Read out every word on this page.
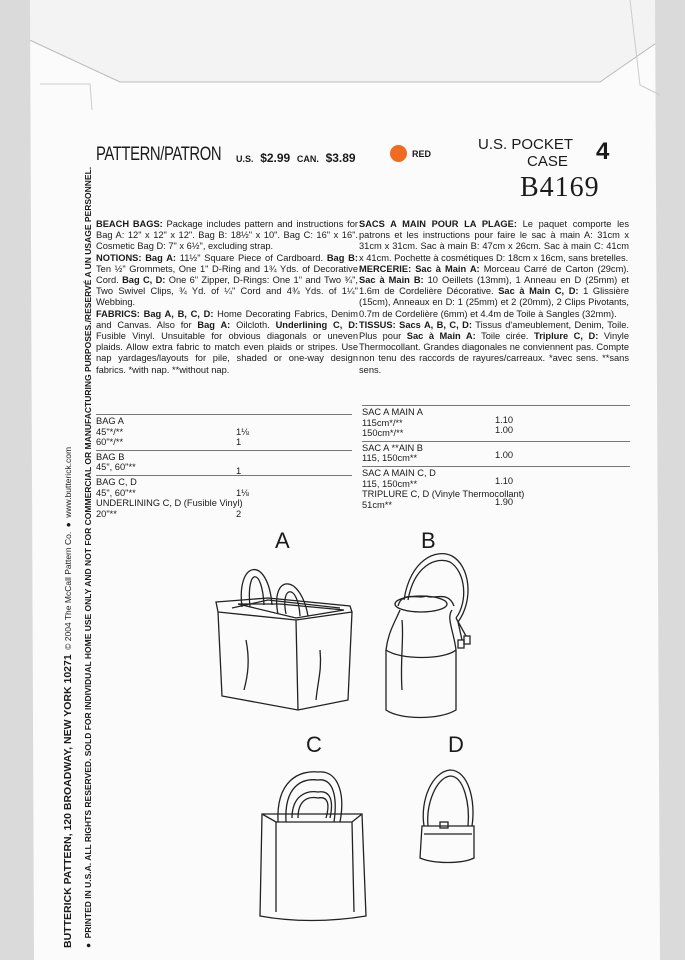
PATTERN/PATRON U.S. $2.99 CAN. $3.89	RED
U.S. POCKET
CASE 4
B4169
BEACH BAGS: Package includes pattern and instructions for Bag A: 12" x 12" x 12". Bag B: 18½" x 10". Bag C: 16" x 16". Cosmetic Bag D: 7" x 6½", excluding strap.
NOTIONS: Bag A: 11½" Square Piece of Cardboard. Bag B: Ten ½" Grommets, One 1" D-Ring and 1¾ Yds. of Decorative Cord. Bag C, D: One 6" Zipper, D-Rings: One 1" and Two ¾", Two Swivel Clips, ¾ Yd. of ¼" Cord and 4¾ Yds. of 1¼" Webbing.
FABRICS: Bag A, B, C, D: Home Decorating Fabrics, Denim and Canvas. Also for Bag A: Oilcloth. Underlining C, D: Fusible Vinyl. Unsuitable for obvious diagonals or uneven plaids. Allow extra fabric to match even plaids or stripes. Use nap yardages/layouts for pile, shaded or one-way design fabrics. *with nap. **without nap.
SACS A MAIN POUR LA PLAGE: Le paquet comporte les patrons et les instructions pour faire le sac à main A: 31cm x 31cm x 31cm. Sac à main B: 47cm x 26cm. Sac à main C: 41cm x 41cm. Pochette à cosmétiques D: 18cm x 16cm, sans bretelles.
MERCERIE: Sac à Main A: Morceau Carré de Carton (29cm). Sac à Main B: 10 Oeillets (13mm), 1 Anneau en D (25mm) et 1.6m de Cordelière Décorative. Sac à Main C, D: 1 Glissière (15cm), Anneaux en D: 1 (25mm) et 2 (20mm), 2 Clips Pivotants, 0.7m de Cordelière (6mm) et 4.4m de Toile à Sangles (32mm).
TISSUS: Sacs A, B, C, D: Tissus d'ameublement, Denim, Toile. Plus pour Sac à Main A: Toile cirée. Triplure C, D: Vinyle Thermocollant. Grandes diagonales ne conviennent pas. Compte non tenu des raccords de rayures/carreaux. *avec sens. **sans sens.
BAG A
45"*/**	1⅛
60"*/**	1
BAG B
45", 60"**	1
BAG C, D
45", 60"**	1⅛
UNDERLINING C, D (Fusible Vinyl)
20"**	2
SAC A MAIN A
115cm*/**	1.10
150cm*/**	1.00
SAC A **AIN B
115, 150cm**	1.00
SAC A MAIN C, D
115, 150cm**	1.10
TRIPLURE C, D (Vinyle Thermocollant)
51cm**	1.90
BUTTERICK PATTERN, 120 BROADWAY, NEW YORK 10271 © 2004 The McCall Pattern Co. ● www.butterick.com
● PRINTED IN U.S.A. ALL RIGHTS RESERVED. SOLD FOR INDIVIDUAL HOME USE ONLY AND NOT FOR COMMERCIAL OR MANUFACTURING PURPOSES./RESERVÉ A UN USAGE PERSONNEL.	A	B
C	D
